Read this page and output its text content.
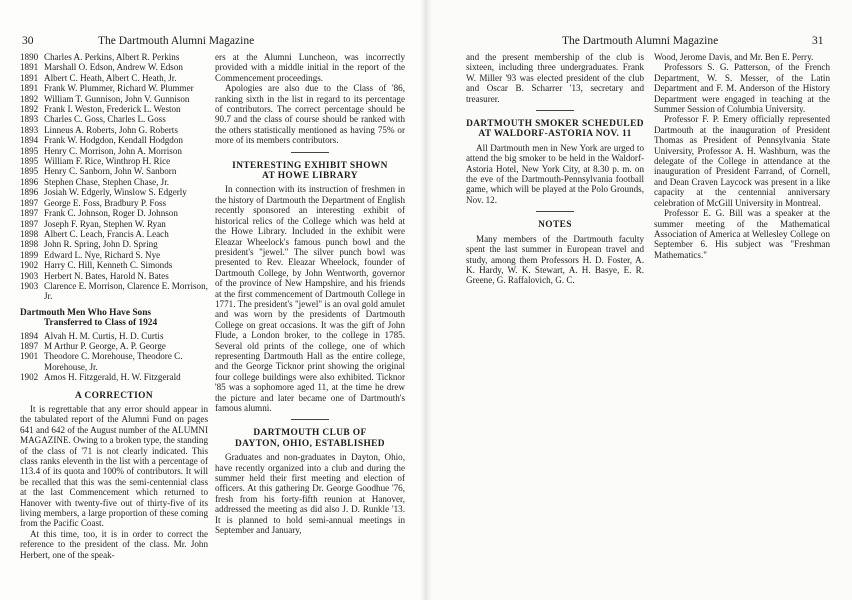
30	The Dartmouth Alumni Magazine
1890 Charles A. Perkins, Albert R. Perkins
1891 Marshall O. Edson, Andrew W. Edson
1891 Albert C. Heath, Albert C. Heath, Jr.
1891 Frank W. Plummer, Richard W. Plummer
1892 William T. Gunnison, John V. Gunnison
1892 Frank I. Weston, Frederick L. Weston
1893 Charles C. Goss, Charles L. Goss
1893 Linneus A. Roberts, John G. Roberts
1894 Frank W. Hodgdon, Kendall Hodgdon
1895 Henry C. Morrison, John A. Morrison
1895 William F. Rice, Winthrop H. Rice
1895 Henry C. Sanborn, John W. Sanborn
1896 Stephen Chase, Stephen Chase, Jr.
1896 Josiah W. Edgerly, Winslow S. Edgerly
1897 George E. Foss, Bradbury P. Foss
1897 Frank C. Johnson, Roger D. Johnson
1897 Joseph F. Ryan, Stephen W. Ryan
1898 Albert C. Leach, Francis A. Leach
1898 John R. Spring, John D. Spring
1899 Edward L. Nye, Richard S. Nye
1902 Harry C. Hill, Kenneth C. Simonds
1903 Herbert N. Bates, Harold N. Bates
1903 Clarence E. Morrison, Clarence E. Morrison, Jr.
Dartmouth Men Who Have Sons
Transferred to Class of 1924
1894 Alvah H. M. Curtis, H. D. Curtis
1897 M Arthur P. George, A. P. George
1901 Theodore C. Morehouse, Theodore C. Morehouse, Jr.
1902 Amos H. Fitzgerald, H. W. Fitzgerald
A CORRECTION

It is regrettable that any error should appear in the tabulated report of the Alumni Fund on pages 641 and 642 of the August number of the ALUMNI MAGAZINE. Owing to a broken type, the standing of the class of '71 is not clearly indicated. This class ranks eleventh in the list with a percentage of 113.4 of its quota and 100% of contributors. It will be recalled that this was the semi-centennial class at the last Commencement which returned to Hanover with twenty-five out of thirty-five of its living members, a large proportion of these coming from the Pacific Coast.

At this time, too, it is in order to correct the reference to the president of the class. Mr. John Herbert, one of the speak-

ers at the Alumni Luncheon, was incorrectly provided with a middle initial in the report of the Commencement proceedings.

Apologies are also due to the Class of '86, ranking sixth in the list in regard to its percentage of contributors. The correct percentage should be 90.7 and the class of course should be ranked with the others statistically mentioned as having 75% or more of its members contributors.

INTERESTING EXHIBIT SHOWN
AT HOWE LIBRARY

In connection with its instruction of freshmen in the history of Dartmouth the Department of English recently sponsored an interesting exhibit of historical relics of the College which was held at the Howe Library. Included in the exhibit were Eleazar Wheelock's famous punch bowl and the president's "jewel." The silver punch bowl was presented to Rev. Eleazar Wheelock, founder of Dartmouth College, by John Wentworth, governor of the province of New Hampshire, and his friends at the first commencement of Dartmouth College in 1771. The president's "jewel" is an oval gold amulet and was worn by the presidents of Dartmouth College on great occasions. It was the gift of John Flude, a London broker, to the college in 1785. Several old prints of the college, one of which representing Dartmouth Hall as the entire college, and the George Ticknor print showing the original four college buildings were also exhibited. Ticknor '85 was a sophomore aged 11, at the time he drew the picture and later became one of Dartmouth's famous alumni.

DARTMOUTH CLUB OF
DAYTON, OHIO, ESTABLISHED

Graduates and non-graduates in Dayton, Ohio, have recently organized into a club and during the summer held their first meeting and election of officers. At this gathering Dr. George Goodhue '76, fresh from his forty-fifth reunion at Hanover, addressed the meeting as did also J. D. Runkle '13. It is planned to hold semi-annual meetings in September and January,

The Dartmouth Alumni Magazine	31

and the present membership of the club is sixteen, including three undergraduates. Frank W. Miller '93 was elected president of the club and Oscar B. Scharrer '13, secretary and treasurer.

DARTMOUTH SMOKER SCHEDULED
AT WALDORF-ASTORIA NOV. 11

All Dartmouth men in New York are urged to attend the big smoker to be held in the Waldorf-Astoria Hotel, New York City, at 8.30 p. m. on the eve of the Dartmouth-Pennsylvania football game, which will be played at the Polo Grounds, Nov. 12.

NOTES

Many members of the Dartmouth faculty spent the last summer in European travel and study, among them Professors H. D. Foster, A. K. Hardy, W. K. Stewart, A. H. Basye, E. R. Greene, G. Raffalovich, G. C.

Wood, Jerome Davis, and Mr. Ben E. Perry.

Professors S. G. Patterson, of the French Department, W. S. Messer, of the Latin Department and F. M. Anderson of the History Department were engaged in teaching at the Summer Session of Columbia University.

Professor F. P. Emery officially represented Dartmouth at the inauguration of President Thomas as President of Pennsylvania State University, Professor A. H. Washburn, was the delegate of the College in attendance at the inauguration of President Farrand, of Cornell, and Dean Craven Laycock was present in a like capacity at the centennial anniversary celebration of McGill University in Montreal.

Professor E. G. Bill was a speaker at the summer meeting of the Mathematical Association of America at Wellesley College on September 6. His subject was "Freshman Mathematics."
